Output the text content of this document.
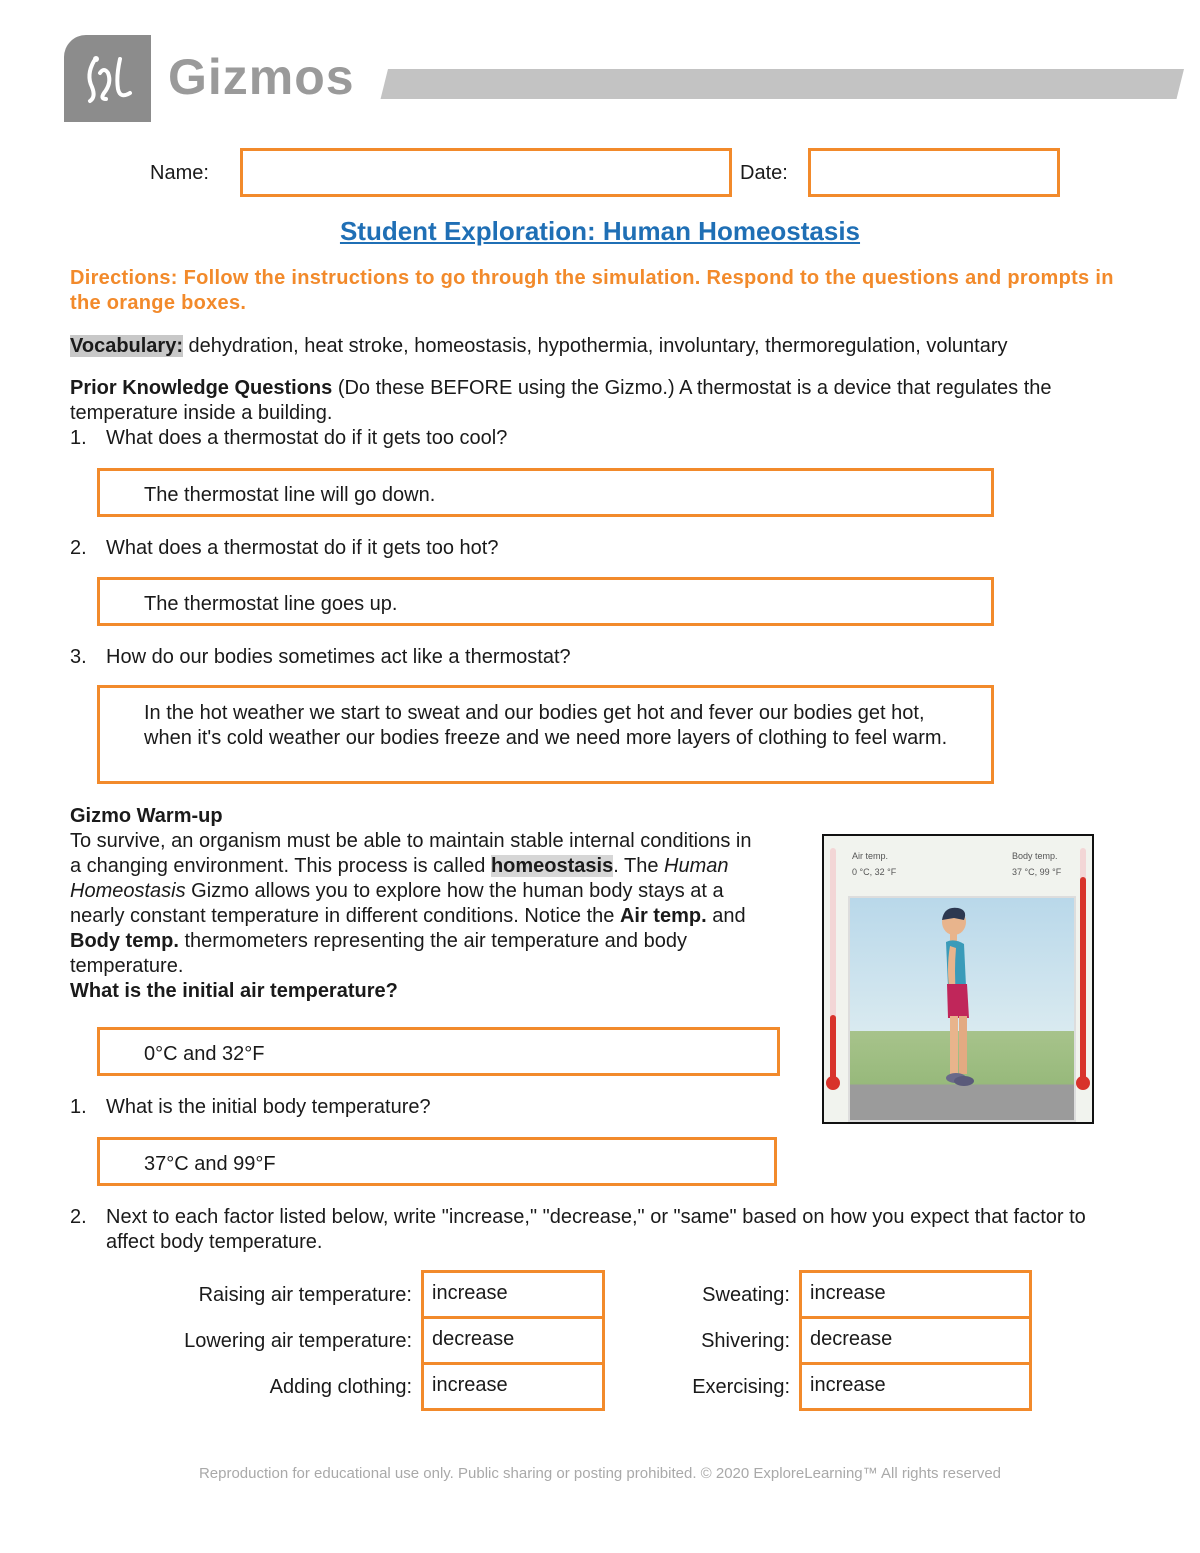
Gizmos
Name:	Date:
Student Exploration: Human Homeostasis
Directions: Follow the instructions to go through the simulation. Respond to the questions and prompts in the orange boxes.
Vocabulary: dehydration, heat stroke, homeostasis, hypothermia, involuntary, thermoregulation, voluntary
Prior Knowledge Questions (Do these BEFORE using the Gizmo.) A thermostat is a device that regulates the temperature inside a building.
1. What does a thermostat do if it gets too cool?
The thermostat line will go down.
2. What does a thermostat do if it gets too hot?
The thermostat line goes up.
3. How do our bodies sometimes act like a thermostat?
In the hot weather we start to sweat and our bodies get hot and fever our bodies get hot, when it's cold weather our bodies freeze and we need more layers of clothing to feel warm.
Gizmo Warm-up
To survive, an organism must be able to maintain stable internal conditions in a changing environment. This process is called homeostasis. The Human Homeostasis Gizmo allows you to explore how the human body stays at a nearly constant temperature in different conditions. Notice the Air temp. and Body temp. thermometers representing the air temperature and body temperature.
What is the initial air temperature?
0°C and 32°F
1. What is the initial body temperature?
37°C and 99°F
2. Next to each factor listed below, write "increase," "decrease," or "same" based on how you expect that factor to affect body temperature.
Air temp.
0 °C, 32 °F
Body temp.
37 °C, 99 °F
Raising air temperature:	increase
Lowering air temperature:	decrease
Adding clothing:	increase
Sweating:	increase
Shivering:	decrease
Exercising:	increase
Reproduction for educational use only. Public sharing or posting prohibited. © 2020 ExploreLearning™ All rights reserved
